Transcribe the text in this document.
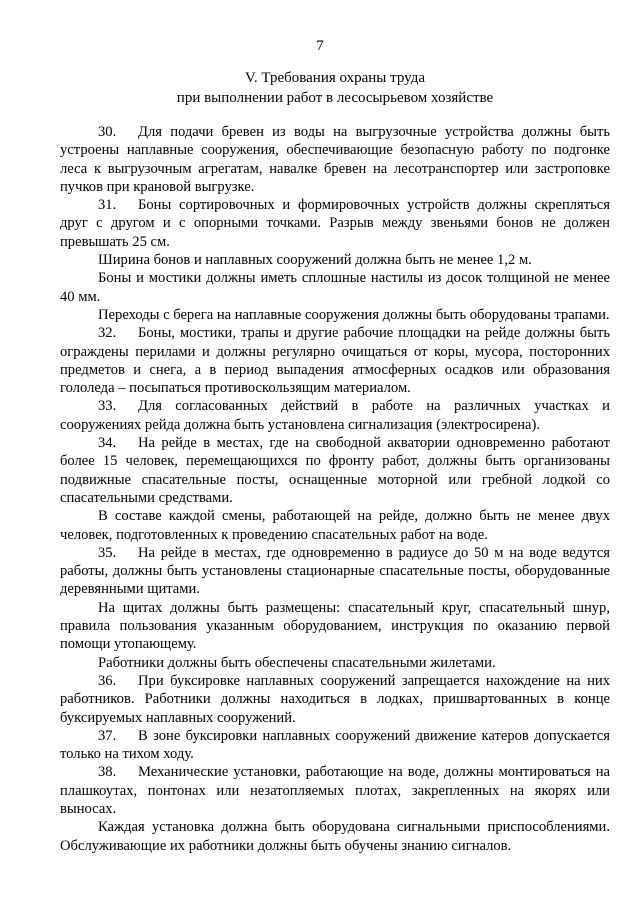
7
V. Требования охраны труда
при выполнении работ в лесосырьевом хозяйстве

30. Для подачи бревен из воды на выгрузочные устройства должны быть устроены наплавные сооружения, обеспечивающие безопасную работу по подгонке леса к выгрузочным агрегатам, навалке бревен на лесотранспортер или застроповке пучков при крановой выгрузке.

31. Боны сортировочных и формировочных устройств должны скрепляться друг с другом и с опорными точками. Разрыв между звеньями бонов не должен превышать 25 см.

Ширина бонов и наплавных сооружений должна быть не менее 1,2 м.

Боны и мостики должны иметь сплошные настилы из досок толщиной не менее 40 мм.

Переходы с берега на наплавные сооружения должны быть оборудованы трапами.

32. Боны, мостики, трапы и другие рабочие площадки на рейде должны быть ограждены перилами и должны регулярно очищаться от коры, мусора, посторонних предметов и снега, а в период выпадения атмосферных осадков или образования гололеда – посыпаться противоскользящим материалом.

33. Для согласованных действий в работе на различных участках и сооружениях рейда должна быть установлена сигнализация (электросирена).

34. На рейде в местах, где на свободной акватории одновременно работают более 15 человек, перемещающихся по фронту работ, должны быть организованы подвижные спасательные посты, оснащенные моторной или гребной лодкой со спасательными средствами.

В составе каждой смены, работающей на рейде, должно быть не менее двух человек, подготовленных к проведению спасательных работ на воде.

35. На рейде в местах, где одновременно в радиусе до 50 м на воде ведутся работы, должны быть установлены стационарные спасательные посты, оборудованные деревянными щитами.

На щитах должны быть размещены: спасательный круг, спасательный шнур, правила пользования указанным оборудованием, инструкция по оказанию первой помощи утопающему.

Работники должны быть обеспечены спасательными жилетами.

36. При буксировке наплавных сооружений запрещается нахождение на них работников. Работники должны находиться в лодках, пришвартованных в конце буксируемых наплавных сооружений.

37. В зоне буксировки наплавных сооружений движение катеров допускается только на тихом ходу.

38. Механические установки, работающие на воде, должны монтироваться на плашкоутах, понтонах или незатопляемых плотах, закрепленных на якорях или выносах.

Каждая установка должна быть оборудована сигнальными приспособлениями. Обслуживающие их работники должны быть обучены знанию сигналов.
